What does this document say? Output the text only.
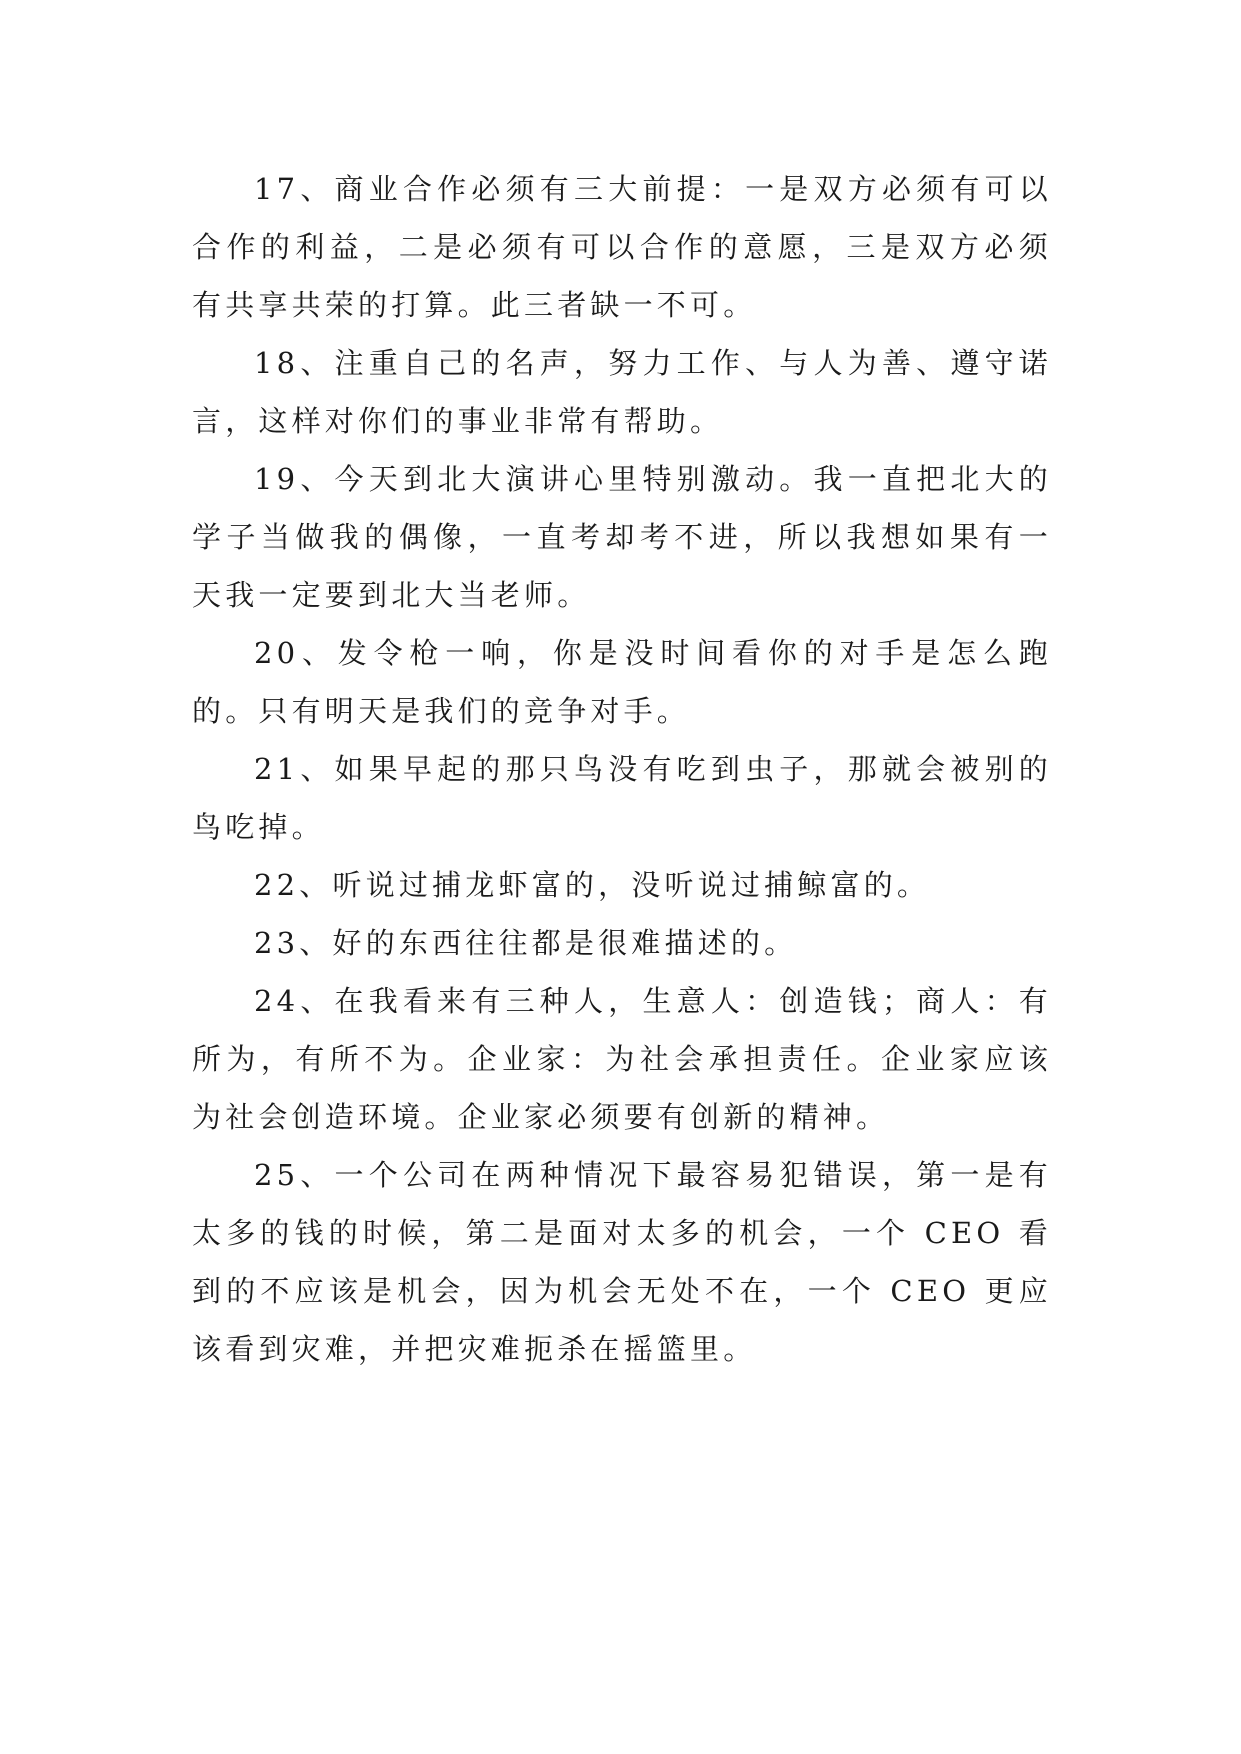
17、商业合作必须有三大前提：一是双方必须有可以合作的利益，二是必须有可以合作的意愿，三是双方必须有共享共荣的打算。此三者缺一不可。

18、注重自己的名声，努力工作、与人为善、遵守诺言，这样对你们的事业非常有帮助。

19、今天到北大演讲心里特别激动。我一直把北大的学子当做我的偶像，一直考却考不进，所以我想如果有一天我一定要到北大当老师。

20、发令枪一响，你是没时间看你的对手是怎么跑的。只有明天是我们的竞争对手。

21、如果早起的那只鸟没有吃到虫子，那就会被别的鸟吃掉。

22、听说过捕龙虾富的，没听说过捕鲸富的。

23、好的东西往往都是很难描述的。

24、在我看来有三种人，生意人：创造钱；商人：有所为，有所不为。企业家：为社会承担责任。企业家应该为社会创造环境。企业家必须要有创新的精神。

25、一个公司在两种情况下最容易犯错误，第一是有太多的钱的时候，第二是面对太多的机会，一个 CEO 看到的不应该是机会，因为机会无处不在，一个 CEO 更应该看到灾难，并把灾难扼杀在摇篮里。
